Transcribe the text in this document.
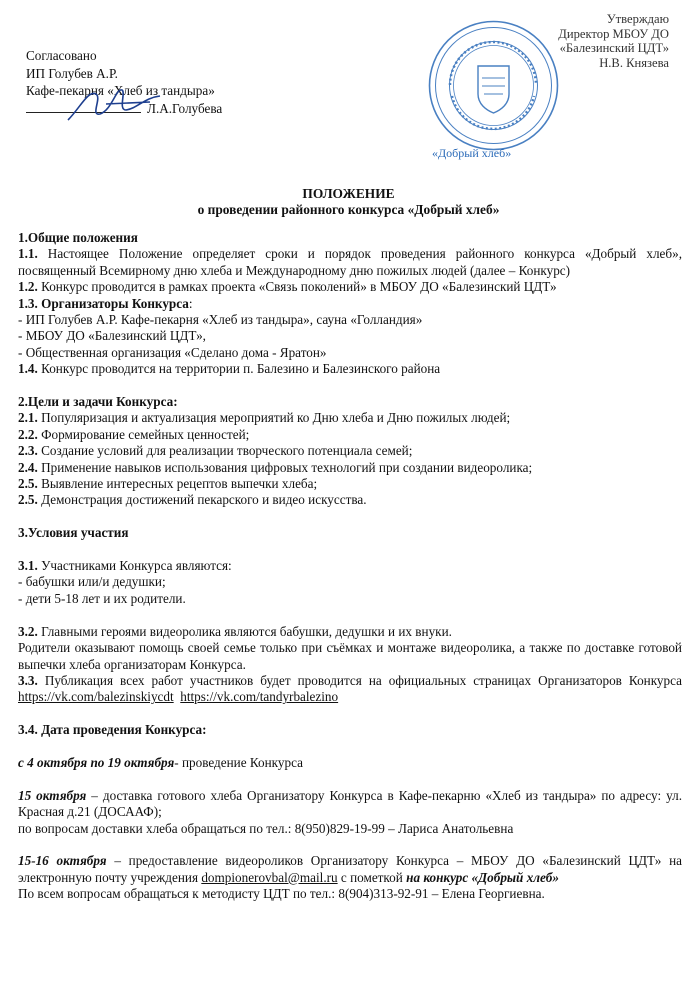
Согласовано
ИП Голубев А.Р.
Кафе-пекарня «Хлеб из тандыра»
Л.А.Голубева
Утверждаю
Директор МБОУ ДО
«Балезинский ЦДТ»
Н.В. Князева
«Добрый хлеб»
ПОЛОЖЕНИЕ
о проведении районного конкурса «Добрый хлеб»

1.Общие положения

1.1. Настоящее Положение определяет сроки и порядок проведения районного конкурса «Добрый хлеб», посвященный Всемирному дню хлеба и Международному дню пожилых людей (далее – Конкурс)

1.2. Конкурс проводится в рамках проекта «Связь поколений» в МБОУ ДО «Балезинский ЦДТ»

1.3. Организаторы Конкурса:

- ИП Голубев А.Р. Кафе-пекарня «Хлеб из тандыра», сауна «Голландия»

- МБОУ ДО «Балезинский ЦДТ»,

- Общественная организация «Сделано дома - Яратон»

1.4. Конкурс проводится на территории п. Балезино и Балезинского района

2.Цели и задачи Конкурса:

2.1. Популяризация и актуализация мероприятий ко Дню хлеба и Дню пожилых людей;

2.2. Формирование семейных ценностей;

2.3. Создание условий для реализации творческого потенциала семей;

2.4. Применение навыков использования цифровых технологий при создании видеоролика;

2.5. Выявление интересных рецептов выпечки хлеба;

2.5. Демонстрация достижений пекарского и видео искусства.

3.Условия участия

3.1. Участниками Конкурса являются:

- бабушки или/и дедушки;

- дети 5-18 лет и их родители.

3.2. Главными героями видеоролика являются бабушки, дедушки и их внуки.

Родители оказывают помощь своей семье только при съёмках и монтаже видеоролика, а также по доставке готовой выпечки хлеба организаторам Конкурса.

3.3. Публикация всех работ участников будет проводится на официальных страницах Организаторов Конкурса https://vk.com/balezinskiycdt https://vk.com/tandyrbalezino

3.4. Дата проведения Конкурса:

с 4 октября по 19 октября- проведение Конкурса

15 октября – доставка готового хлеба Организатору Конкурса в Кафе-пекарню «Хлеб из тандыра» по адресу: ул. Красная д.21 (ДОСААФ);

по вопросам доставки хлеба обращаться по тел.: 8(950)829-19-99 – Лариса Анатольевна

15-16 октября – предоставление видеороликов Организатору Конкурса – МБОУ ДО «Балезинский ЦДТ» на электронную почту учреждения dompionerovbal@mail.ru с пометкой на конкурс «Добрый хлеб»

По всем вопросам обращаться к методисту ЦДТ по тел.: 8(904)313-92-91 – Елена Георгиевна.
